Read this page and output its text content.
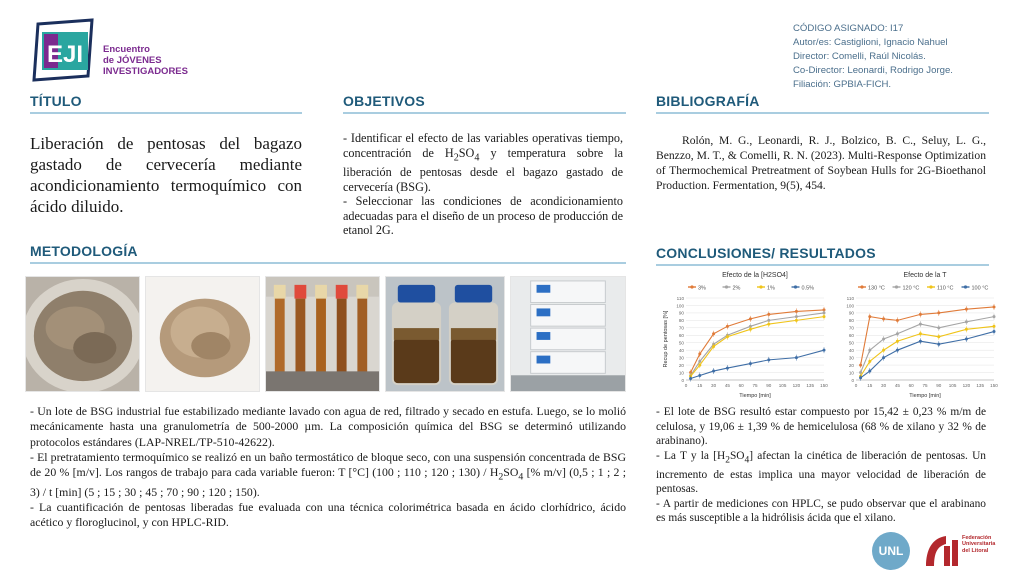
EJI Encuentro
de JÓVENES
INVESTIGADORES
CÓDIGO ASIGNADO: I17
Autor/es: Castiglioni, Ignacio Nahuel
Director: Comelli, Raúl Nicolás.
Co-Director: Leonardi, Rodrigo Jorge.
Filiación: GPBIA-FICH.
TÍTULO	OBJETIVOS	BIBLIOGRAFÍA
METODOLOGÍA	CONCLUSIONES/ RESULTADOS
Liberación de pentosas del bagazo gastado de cervecería mediante acondicionamiento termoquímico con ácido diluido.

- Identificar el efecto de las variables operativas tiempo, concentración de $H_2SO_4$ y temperatura sobre la liberación de pentosas desde el bagazo gastado de cervecería (BSG).

- Seleccionar las condiciones de acondicionamiento adecuadas para el diseño de un proceso de producción de etanol 2G.

Rolón, M. G., Leonardi, R. J., Bolzico, B. C., Seluy, L. G., Benzzo, M. T., & Comelli, R. N. (2023). Multi-Response Optimization of Thermochemical Pretreatment of Soybean Hulls for 2G-Bioethanol Production. Fermentation, 9(5), 454.

- Un lote de BSG industrial fue estabilizado mediante lavado con agua de red, filtrado y secado en estufa. Luego, se lo molió mecánicamente hasta una granulometría de 500-2000 µm. La composición química del BSG se determinó utilizando protocolos estándares (LAP-NREL/TP-510-42622).

- El pretratamiento termoquímico se realizó en un baño termostático de bloque seco, con una suspensión concentrada de BSG de 20 % [m/v]. Los rangos de trabajo para cada variable fueron: T [°C] (100 ; 110 ; 120 ; $130) / H_2SO_4$ [% m/v] (0,5 ; 1 ; 2 ; 3) / t [min] (5 ; 15 ; 30 ; 45 ; 70 ; 90 ; 120 ; 150).

- La cuantificación de pentosas liberadas fue evaluada con una técnica colorimétrica basada en ácido clorhídrico, ácido acético y floroglucinol, y con HPLC-RID.

Efecto de la [H2SO4]
3%	2%	1%	0.5%
0
10
20
30
40
50
60
70
80
90
100
110
0 15 30 45 60 75 90 105 120 135 150
Tiempo [min]
Recup de pentosas [%]
Efecto de la T
130 °C	120 °C	110 °C	100 °C
0
10
20
30
40
50
60
70
80
90
100
110
0 15 30 45 60 75 90 105 120 135 150
Tiempo [min]

- El lote de BSG resultó estar compuesto por 15,42 ± 0,23 % m/m de celulosa, y 19,06 ± 1,39 % de hemicelulosa (68 % de xilano y 32 % de arabinano).

- La T y la $[H_2SO_4]$ afectan la cinética de liberación de pentosas. Un incremento de estas implica una mayor velocidad de liberación de pentosas.

- A partir de mediciones con HPLC, se pudo observar que el arabinano es más susceptible a la hidrólisis ácida que el xilano.

UNL
Federación Universitaria del Litoral
